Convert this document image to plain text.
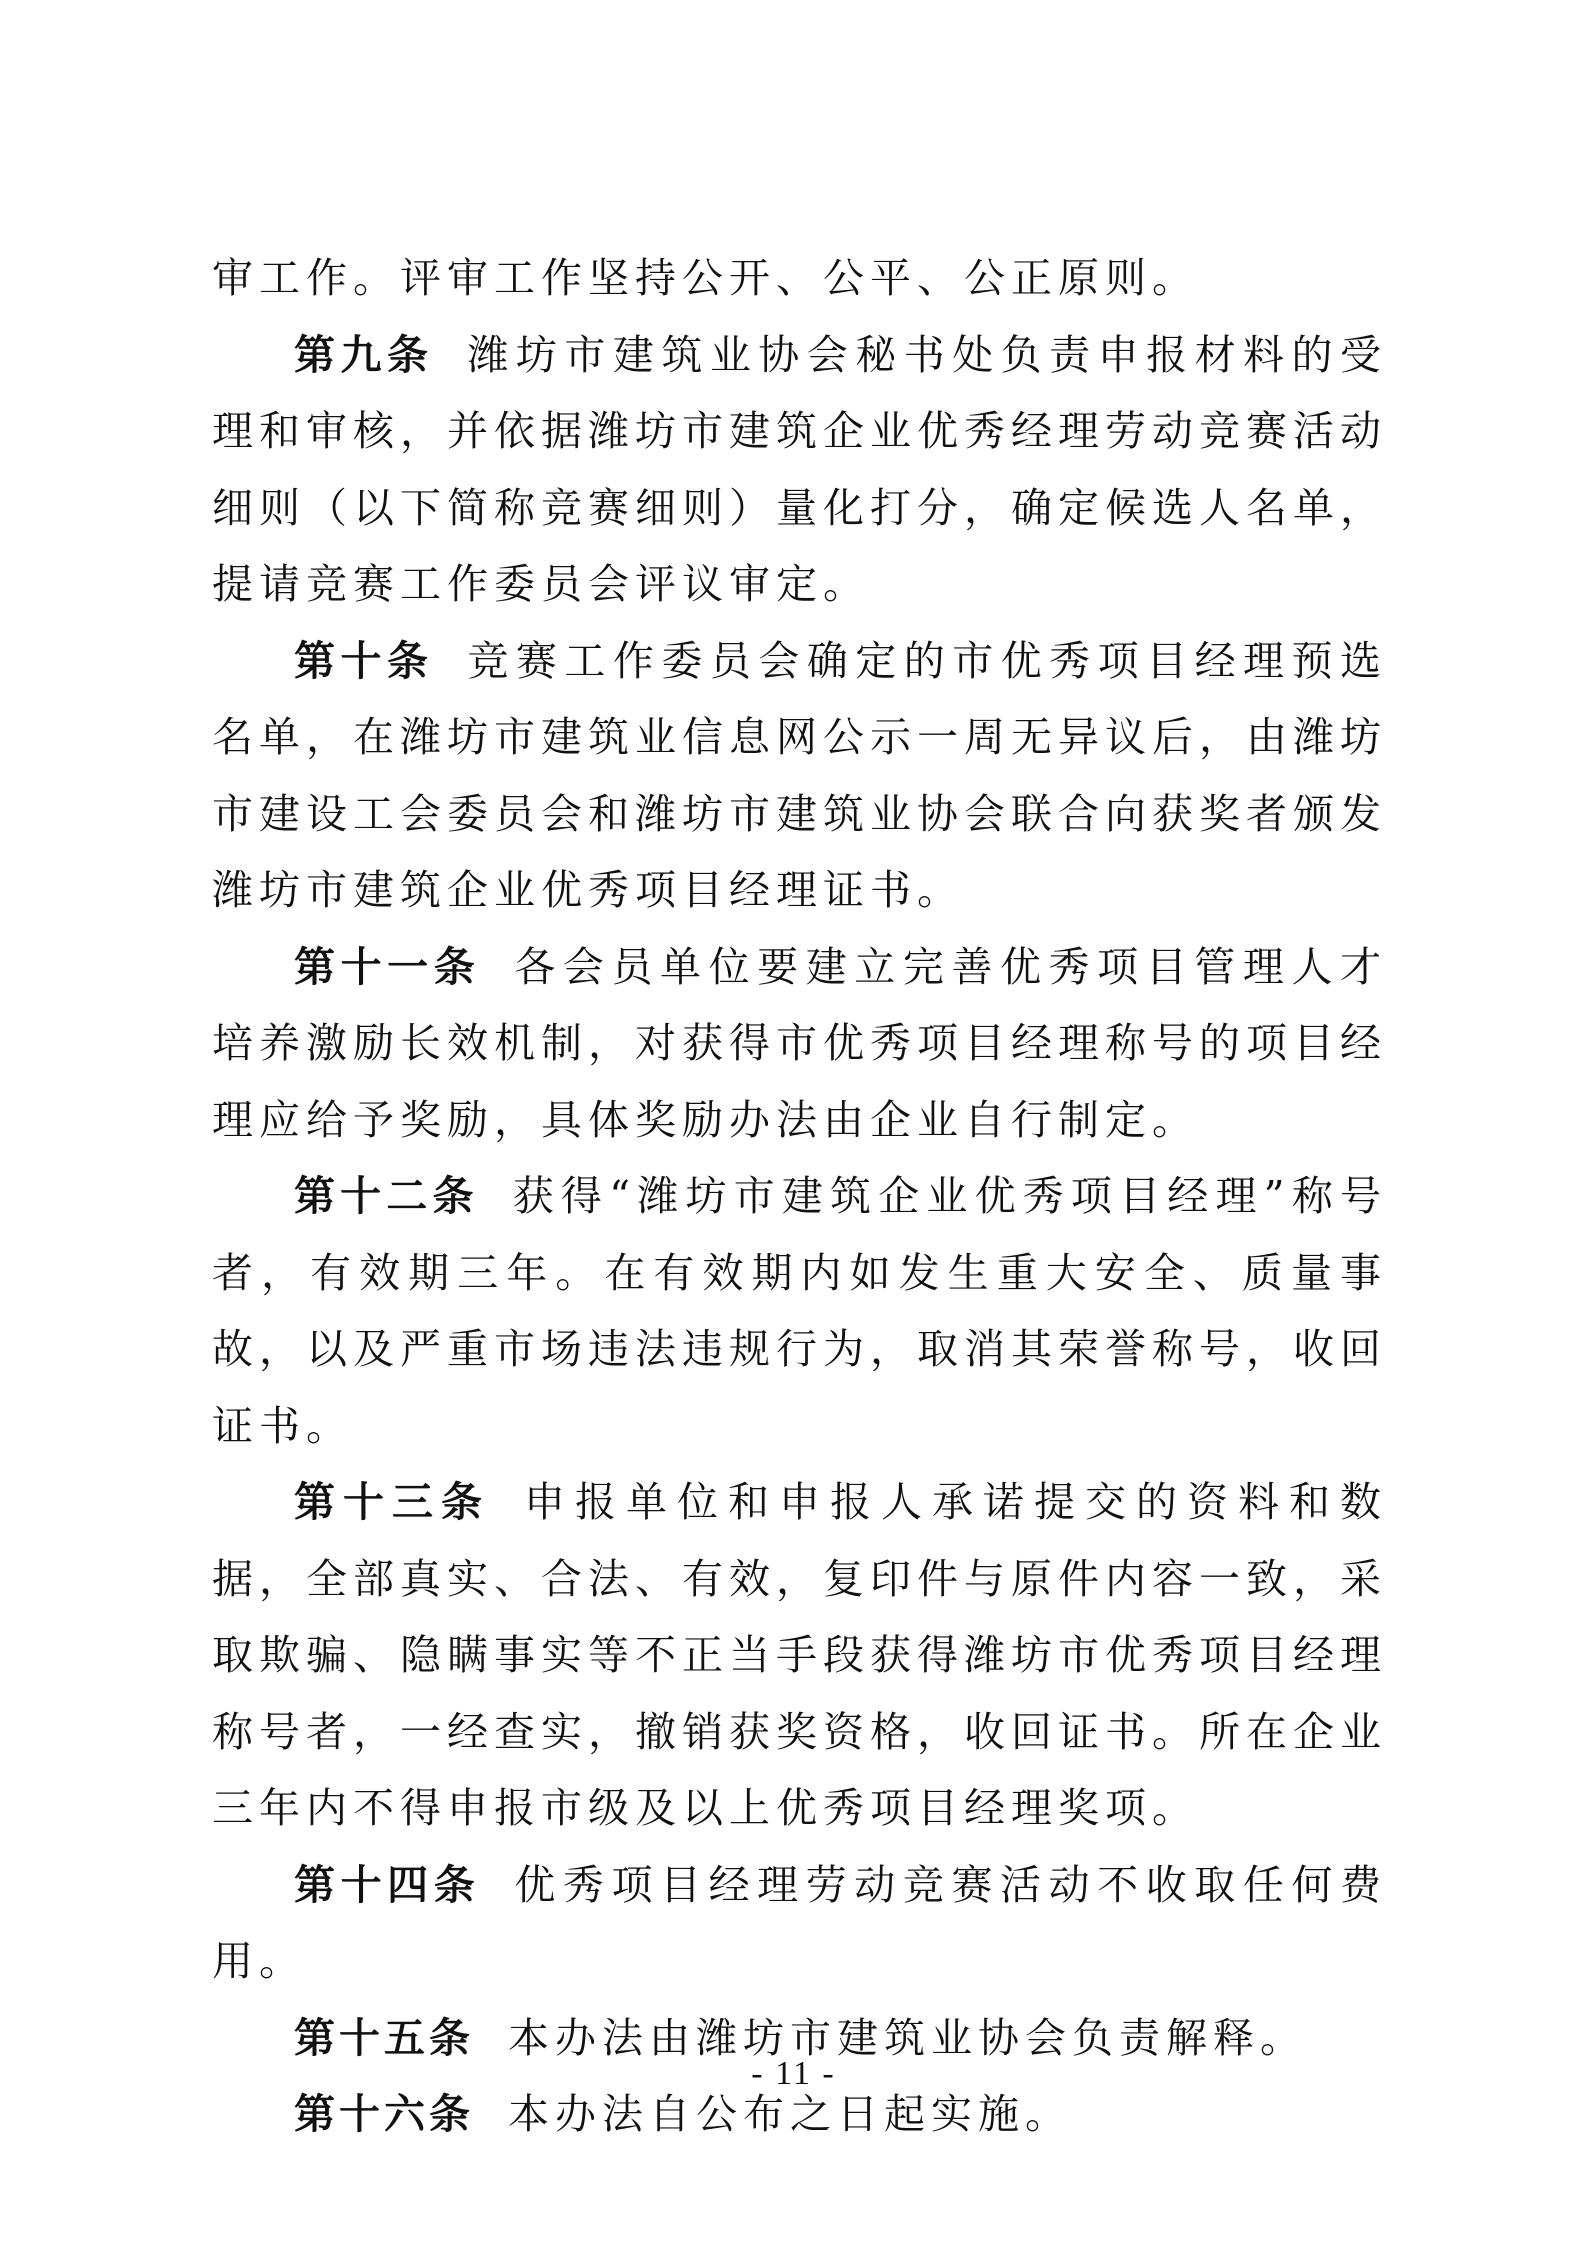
审工作。评审工作坚持公开、公平、公正原则。

第九条 潍坊市建筑业协会秘书处负责申报材料的受理和审核，并依据潍坊市建筑企业优秀经理劳动竞赛活动细则（以下简称竞赛细则）量化打分，确定候选人名单，提请竞赛工作委员会评议审定。

第十条 竞赛工作委员会确定的市优秀项目经理预选名单，在潍坊市建筑业信息网公示一周无异议后，由潍坊市建设工会委员会和潍坊市建筑业协会联合向获奖者颁发潍坊市建筑企业优秀项目经理证书。

第十一条 各会员单位要建立完善优秀项目管理人才培养激励长效机制，对获得市优秀项目经理称号的项目经理应给予奖励，具体奖励办法由企业自行制定。

第十二条 获得“潍坊市建筑企业优秀项目经理”称号者，有效期三年。在有效期内如发生重大安全、质量事故，以及严重市场违法违规行为，取消其荣誉称号，收回证书。

第十三条 申报单位和申报人承诺提交的资料和数据，全部真实、合法、有效，复印件与原件内容一致，采取欺骗、隐瞒事实等不正当手段获得潍坊市优秀项目经理称号者，一经查实，撤销获奖资格，收回证书。所在企业三年内不得申报市级及以上优秀项目经理奖项。

第十四条 优秀项目经理劳动竞赛活动不收取任何费用。

第十五条 本办法由潍坊市建筑业协会负责解释。

第十六条 本办法自公布之日起实施。

- 11 -
